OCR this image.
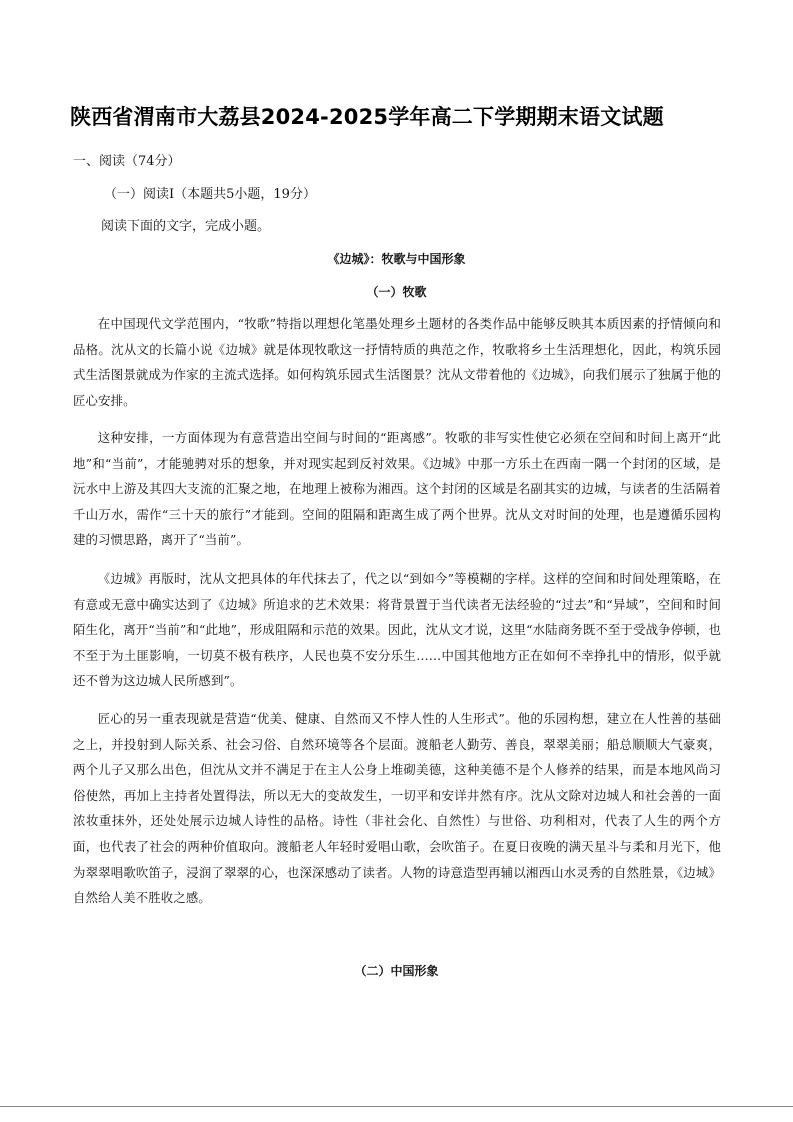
陕西省渭南市大荔县2024-2025学年高二下学期期末语文试题
一、阅读（74分）
（一）阅读Ⅰ（本题共5小题，19分）
阅读下面的文字，完成小题。
《边城》：牧歌与中国形象
（一）牧歌

在中国现代文学范围内，“牧歌”特指以理想化笔墨处理乡土题材的各类作品中能够反映其本质因素的抒情倾向和品格。沈从文的长篇小说《边城》就是体现牧歌这一抒情特质的典范之作，牧歌将乡土生活理想化，因此，构筑乐园式生活图景就成为作家的主流式选择。如何构筑乐园式生活图景？沈从文带着他的《边城》，向我们展示了独属于他的匠心安排。

这种安排，一方面体现为有意营造出空间与时间的“距离感”。牧歌的非写实性使它必须在空间和时间上离开“此地”和“当前”，才能驰骋对乐的想象，并对现实起到反衬效果。《边城》中那一方乐土在西南一隅一个封闭的区域，是沅水中上游及其四大支流的汇聚之地，在地理上被称为湘西。这个封闭的区域是名副其实的边城，与读者的生活隔着千山万水，需作“三十天的旅行”才能到。空间的阻隔和距离生成了两个世界。沈从文对时间的处理，也是遵循乐园构建的习惯思路，离开了“当前”。

《边城》再版时，沈从文把具体的年代抹去了，代之以“到如今”等模糊的字样。这样的空间和时间处理策略，在有意或无意中确实达到了《边城》所追求的艺术效果：将背景置于当代读者无法经验的“过去”和“异域”，空间和时间陌生化，离开“当前”和“此地”，形成阻隔和示范的效果。因此，沈从文才说，这里“水陆商务既不至于受战争停顿，也不至于为土匪影响，一切莫不极有秩序，人民也莫不安分乐生……中国其他地方正在如何不幸挣扎中的情形，似乎就还不曾为这边城人民所感到”。

匠心的另一重表现就是营造“优美、健康、自然而又不悖人性的人生形式”。他的乐园构想，建立在人性善的基础之上，并投射到人际关系、社会习俗、自然环境等各个层面。渡船老人勤劳、善良，翠翠美丽；船总顺顺大气豪爽，两个儿子又那么出色，但沈从文并不满足于在主人公身上堆砌美德，这种美德不是个人修养的结果，而是本地风尚习俗使然，再加上主持者处置得法，所以无大的变故发生，一切平和安详井然有序。沈从文除对边城人和社会善的一面浓妆重抹外，还处处展示边城人诗性的品格。诗性（非社会化、自然性）与世俗、功利相对，代表了人生的两个方面，也代表了社会的两种价值取向。渡船老人年轻时爱唱山歌，会吹笛子。在夏日夜晚的满天星斗与柔和月光下，他为翠翠唱歌吹笛子，浸润了翠翠的心，也深深感动了读者。人物的诗意造型再辅以湘西山水灵秀的自然胜景，《边城》自然给人美不胜收之感。

（二）中国形象
